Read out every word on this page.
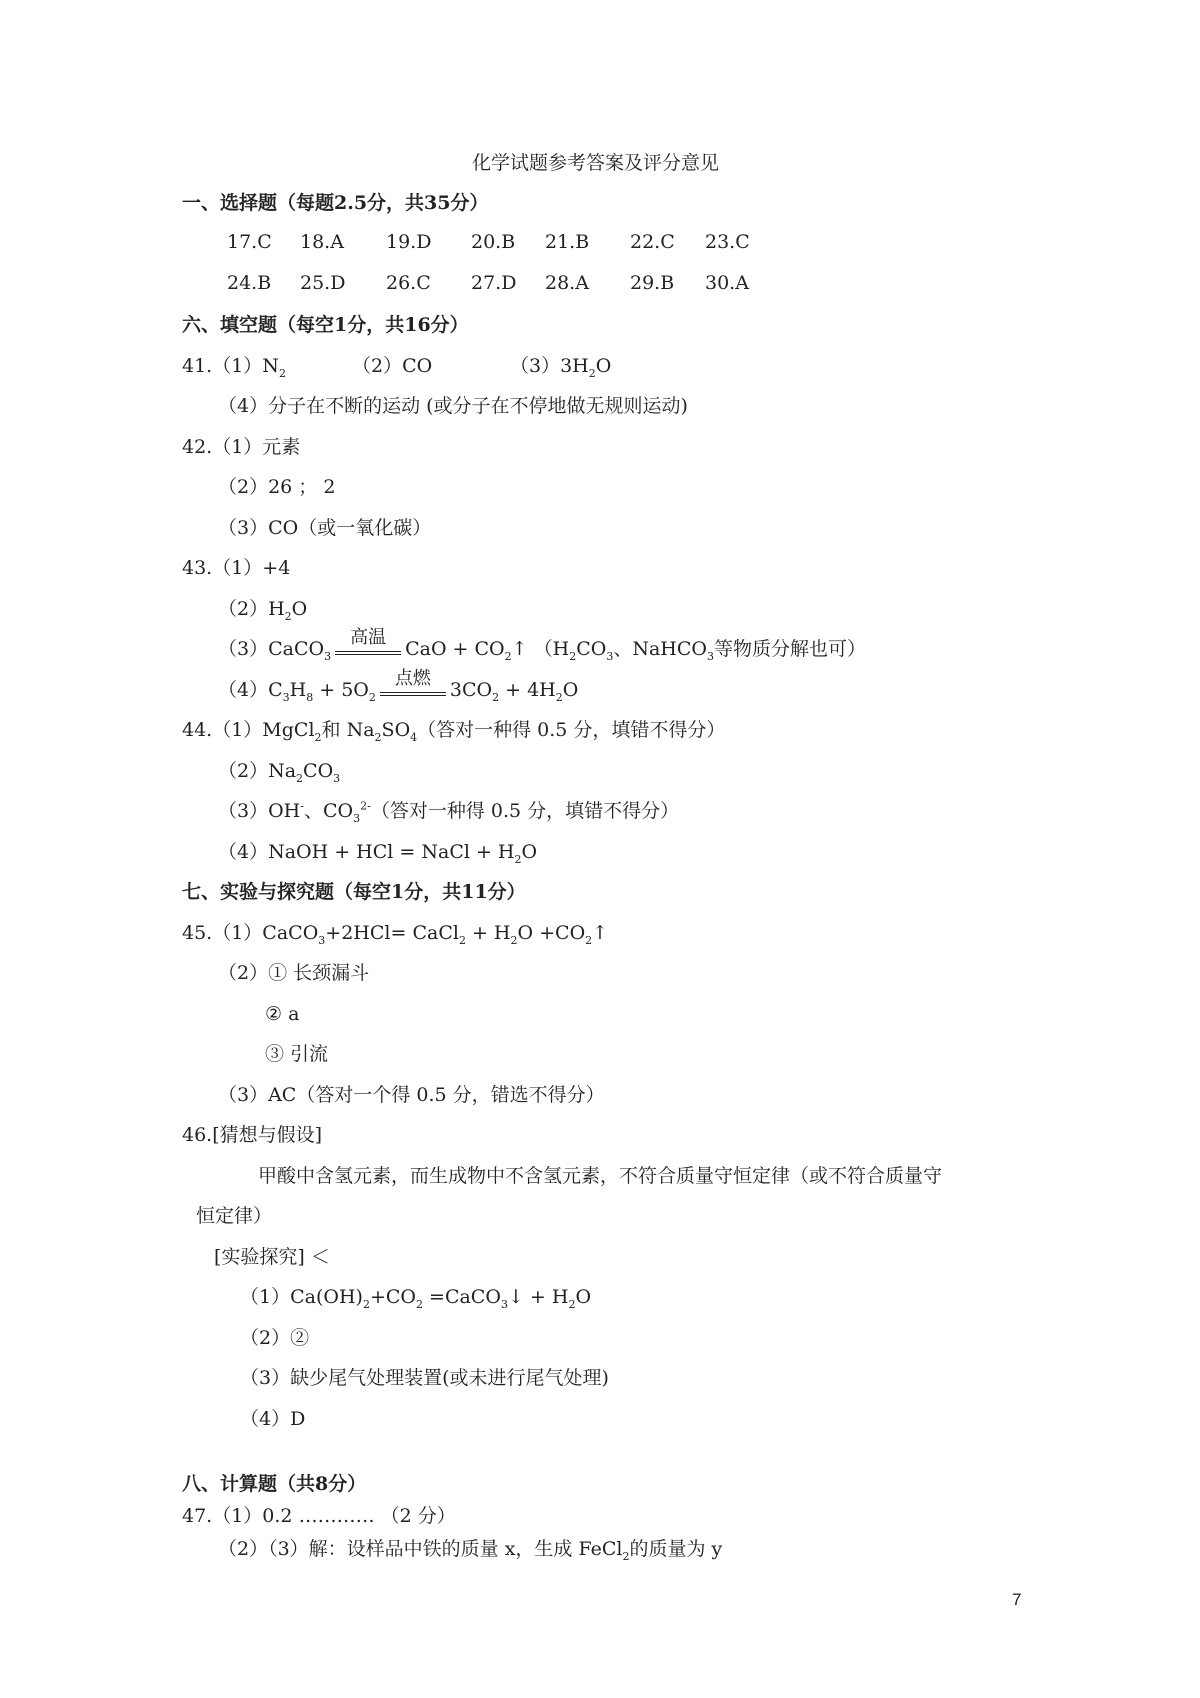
化学试题参考答案及评分意见
一、选择题（每题2.5分，共35分）
17.C 18.A 19.D 20.B 21.B 22.C 23.C
24.B 25.D 26.C 27.D 28.A 29.B 30.A
六、填空题（每空1分，共16分）
$41.(1)N_2$	（2）CO	$(3)3H_2O$
（4）分子在不断的运动 (或分子在不停地做无规则运动)
42.（1）元素
（2）26 ； 2
（3）CO（或一氧化碳）
43.（1）+4
$(2)H_2O$
（3）CaCO$_3$
高温
CaO + $CO_2↑$ （$H_2CO_3$、NaHCO$_3$等物质分解也可）
$(4)C_3H_8 + 5O_2$
点燃
$3CO_2 + 4H_2O$
44.（1）MgCl$_2$和 $Na_2SO_4$（答对一种得 0.5 分，填错不得分）
$(2)Na_2CO_3$
（3）OH-、$CO_3^{2-}$（答对一种得 0.5 分，填错不得分）
（4）NaOH + HCl = NaCl + $H_2O$
七、实验与探究题（每空1分，共11分）
45.（1）CaCO$_3$+2HCl= CaCl$_2$ + $H_2O$ $+CO_2↑$
（2）① 长颈漏斗
② a
③ 引流
（3）AC（答对一个得 0.5 分，错选不得分）
46.[猜想与假设]
甲酸中含氢元素，而生成物中不含氢元素，不符合质量守恒定律（或不符合质量守
恒定律）
[实验探究] ＜
$(1)Ca(OH)_2+CO_2$ =CaCO$_3$↓ + $H_2O$
（2）②
（3）缺少尾气处理装置(或未进行尾气处理)
（4）D
八、计算题（共8分）
47.（1）0.2 ………… （2 分）
（2）（3）解：设样品中铁的质量 x，生成 FeCl$_2$的质量为 y
7
